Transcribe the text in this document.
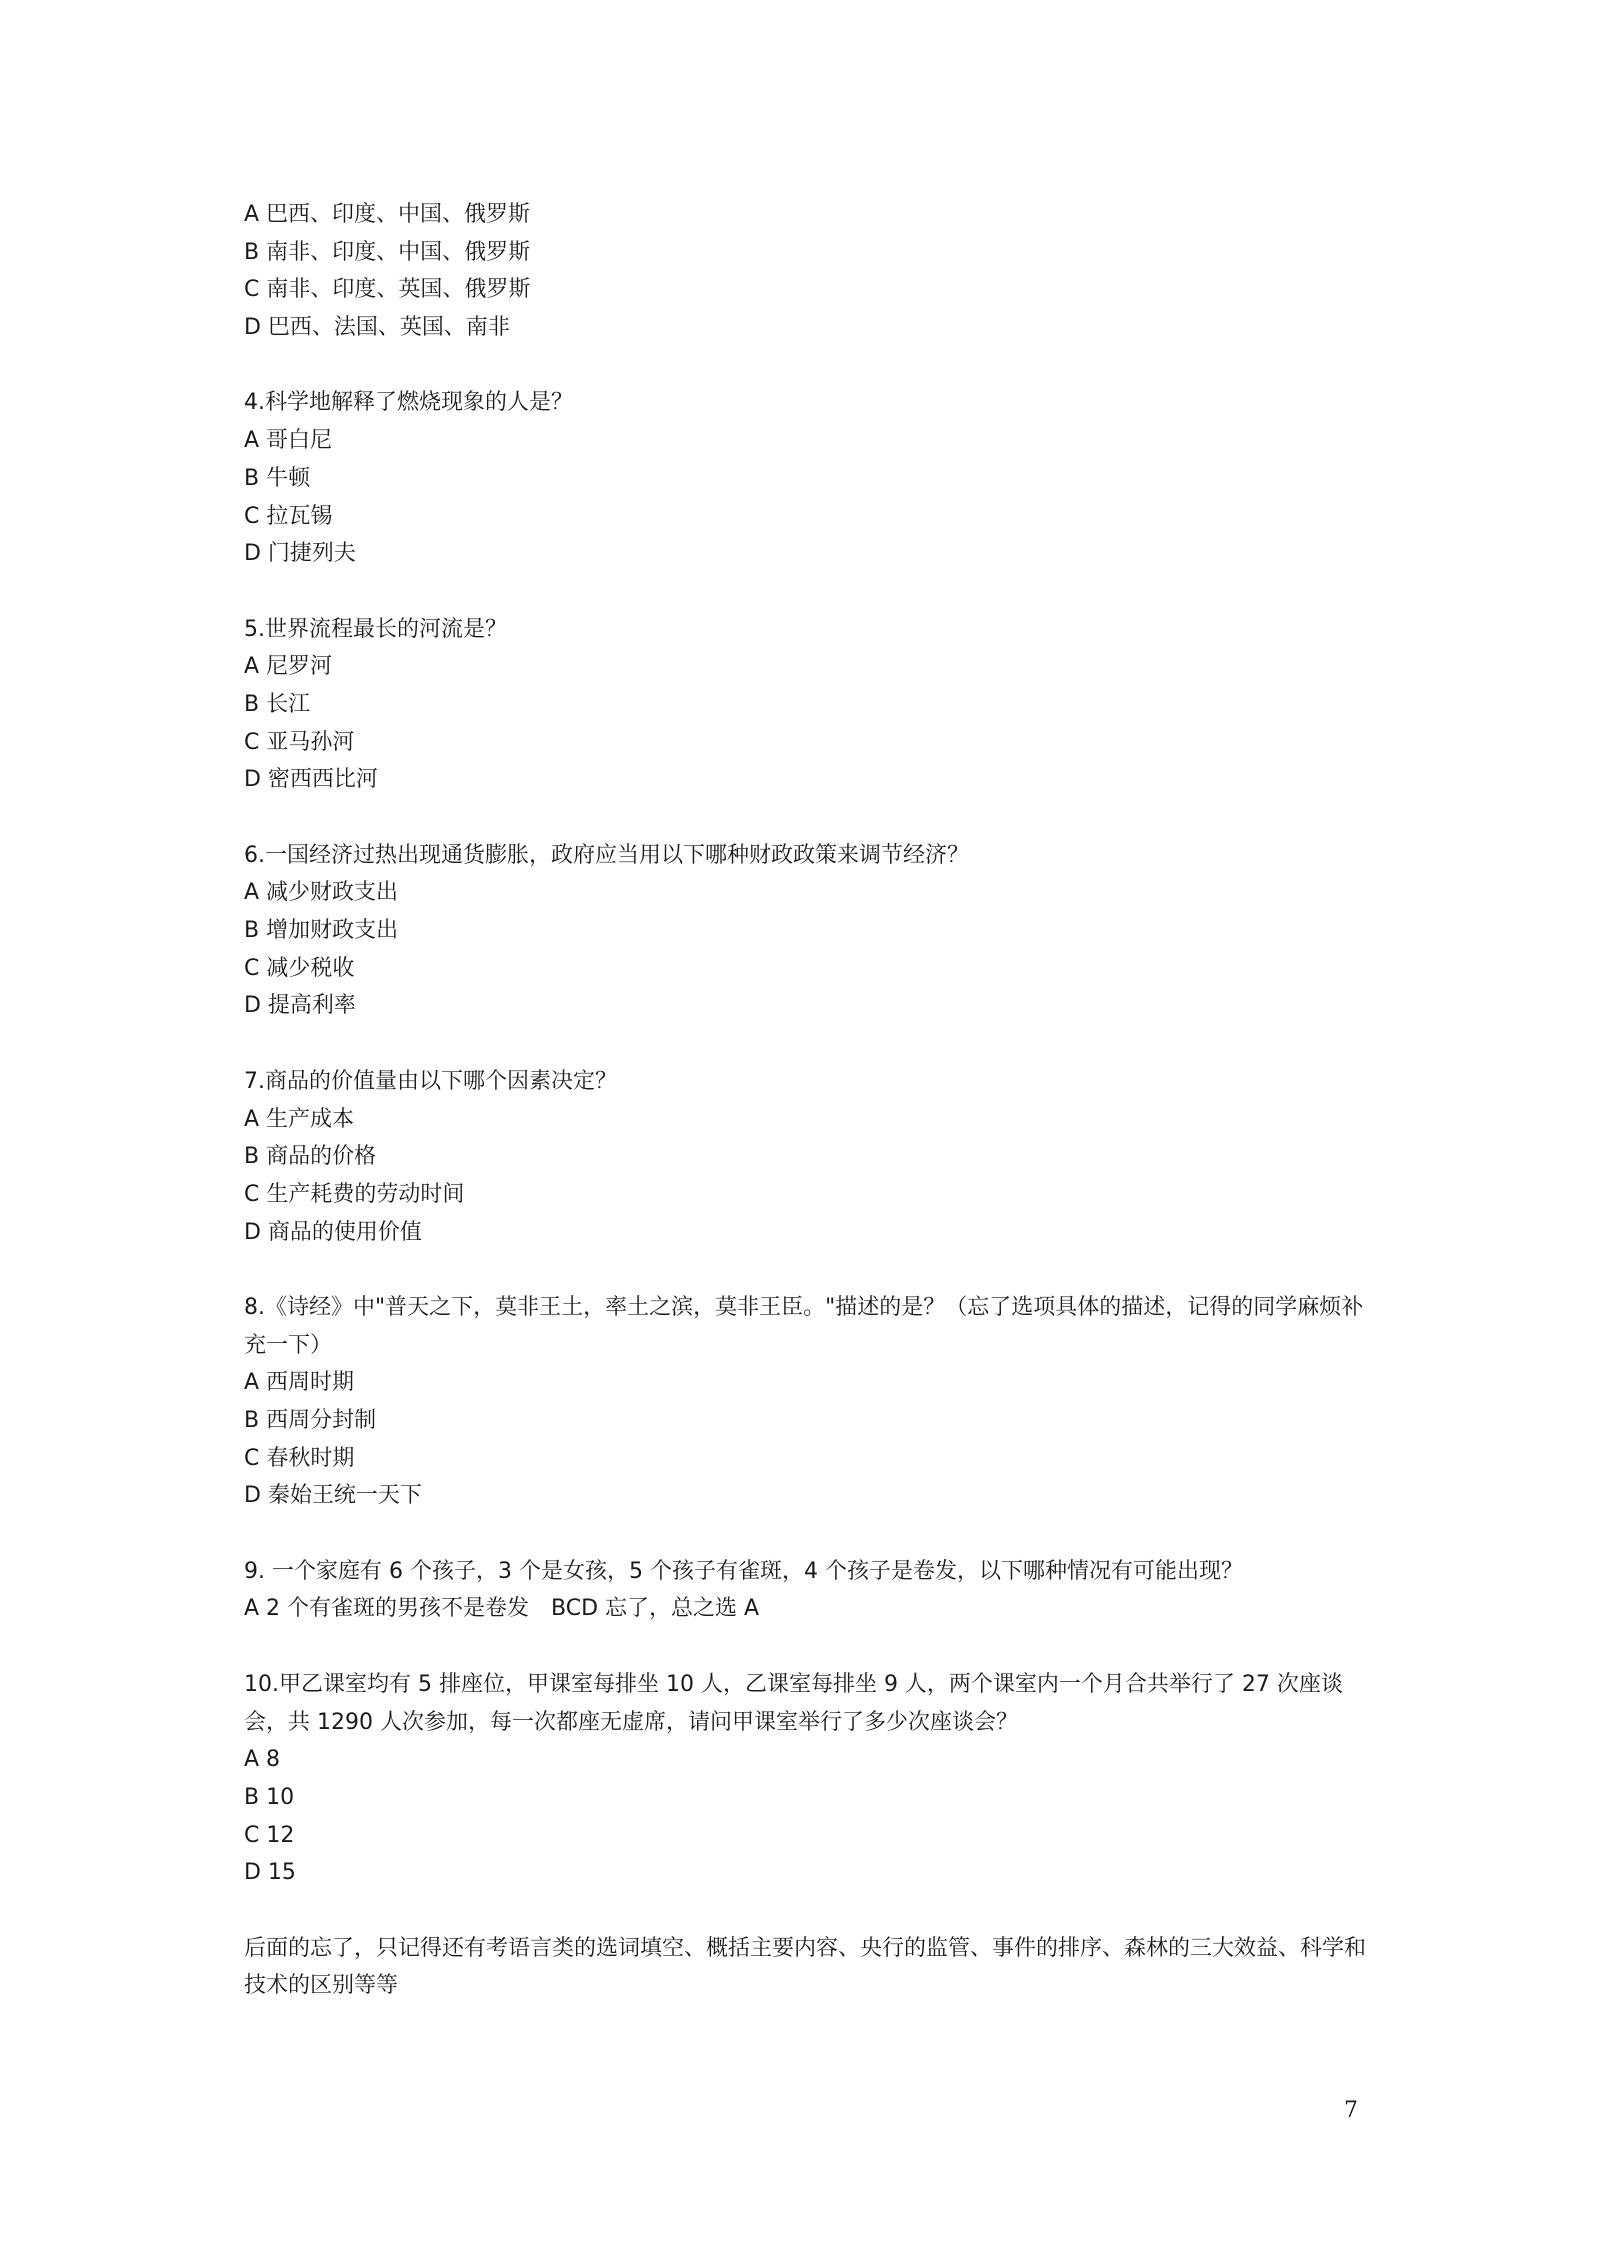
A 巴西、印度、中国、俄罗斯
B 南非、印度、中国、俄罗斯
C 南非、印度、英国、俄罗斯
D 巴西、法国、英国、南非
4.科学地解释了燃烧现象的人是？
A 哥白尼
B 牛顿
C 拉瓦锡
D 门捷列夫
5.世界流程最长的河流是？
A 尼罗河
B 长江
C 亚马孙河
D 密西西比河
6.一国经济过热出现通货膨胀，政府应当用以下哪种财政政策来调节经济？
A 减少财政支出
B 增加财政支出
C 减少税收
D 提高利率
7.商品的价值量由以下哪个因素决定？
A 生产成本
B 商品的价格
C 生产耗费的劳动时间
D 商品的使用价值
8.《诗经》中"普天之下，莫非王土，率土之滨，莫非王臣。"描述的是？（忘了选项具体的描述，记得的同学麻烦补充一下）
A 西周时期
B 西周分封制
C 春秋时期
D 秦始王统一天下
9. 一个家庭有 6 个孩子，3 个是女孩，5 个孩子有雀斑，4 个孩子是卷发，以下哪种情况有可能出现？
A 2 个有雀斑的男孩不是卷发　BCD 忘了，总之选 A
10.甲乙课室均有 5 排座位，甲课室每排坐 10 人，乙课室每排坐 9 人，两个课室内一个月合共举行了 27 次座谈会，共 1290 人次参加，每一次都座无虚席，请问甲课室举行了多少次座谈会？
A 8
B 10
C 12
D 15
后面的忘了，只记得还有考语言类的选词填空、概括主要内容、央行的监管、事件的排序、森林的三大效益、科学和技术的区别等等
7
